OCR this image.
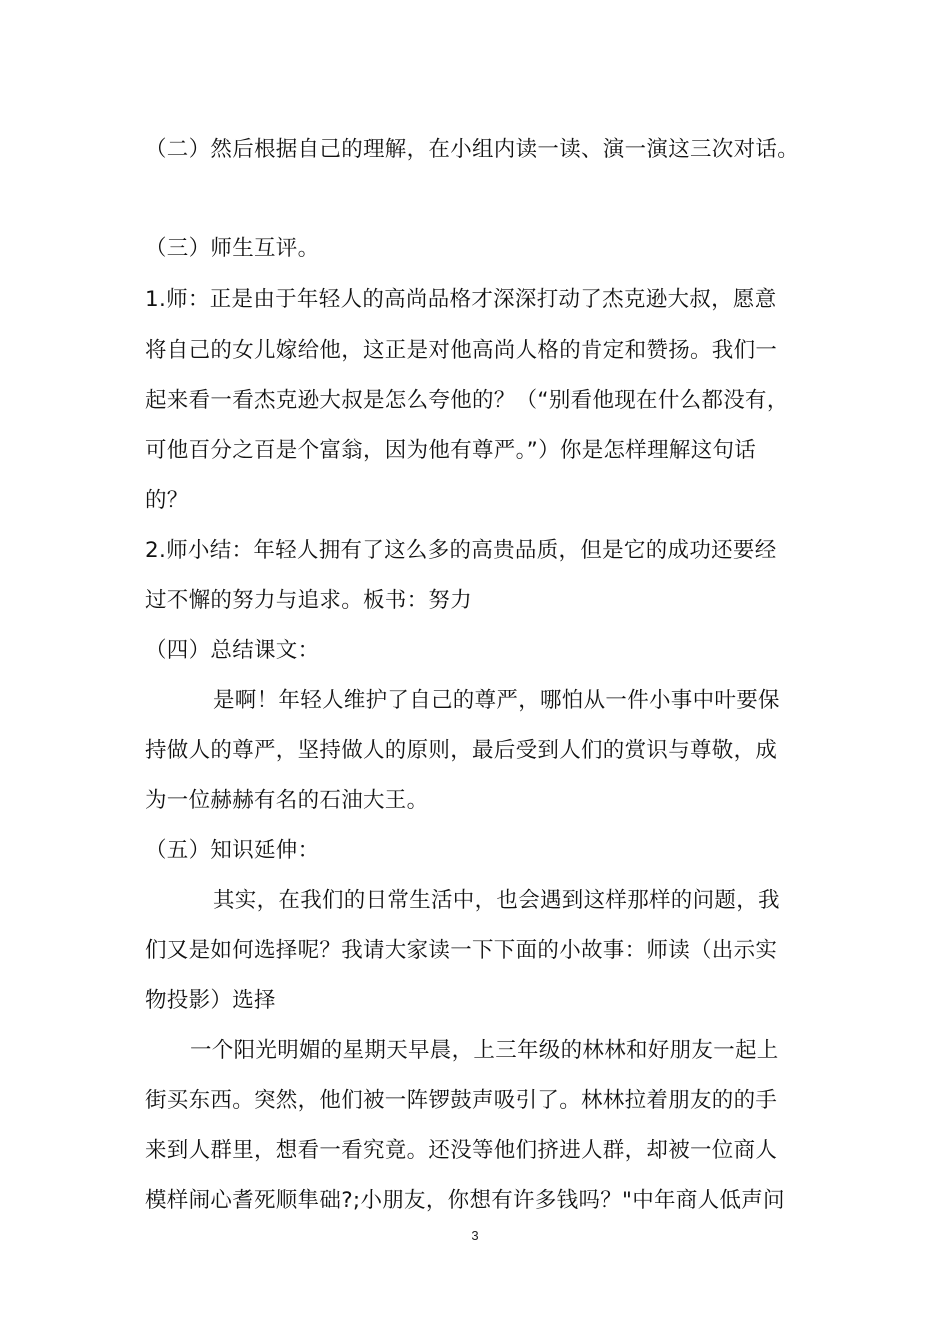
（二）然后根据自己的理解，在小组内读一读、演一演这三次对话。
（三）师生互评。
1.师：正是由于年轻人的高尚品格才深深打动了杰克逊大叔，愿意
将自己的女儿嫁给他，这正是对他高尚人格的肯定和赞扬。我们一
起来看一看杰克逊大叔是怎么夸他的？（“别看他现在什么都没有，
可他百分之百是个富翁，因为他有尊严。”）你是怎样理解这句话
的？
2.师小结：年轻人拥有了这么多的高贵品质，但是它的成功还要经
过不懈的努力与追求。板书：努力
（四）总结课文：
是啊！年轻人维护了自己的尊严，哪怕从一件小事中叶要保
持做人的尊严，坚持做人的原则，最后受到人们的赏识与尊敬，成
为一位赫赫有名的石油大王。
（五）知识延伸：
其实，在我们的日常生活中，也会遇到这样那样的问题，我
们又是如何选择呢？我请大家读一下下面的小故事：师读（出示实
物投影）选择
一个阳光明媚的星期天早晨，上三年级的林林和好朋友一起上
街买东西。突然，他们被一阵锣鼓声吸引了。林林拉着朋友的的手
来到人群里，想看一看究竟。还没等他们挤进人群，却被一位商人
模样闹心耆死顺隼础?;小朋友，你想有许多钱吗？"中年商人低声问
3
